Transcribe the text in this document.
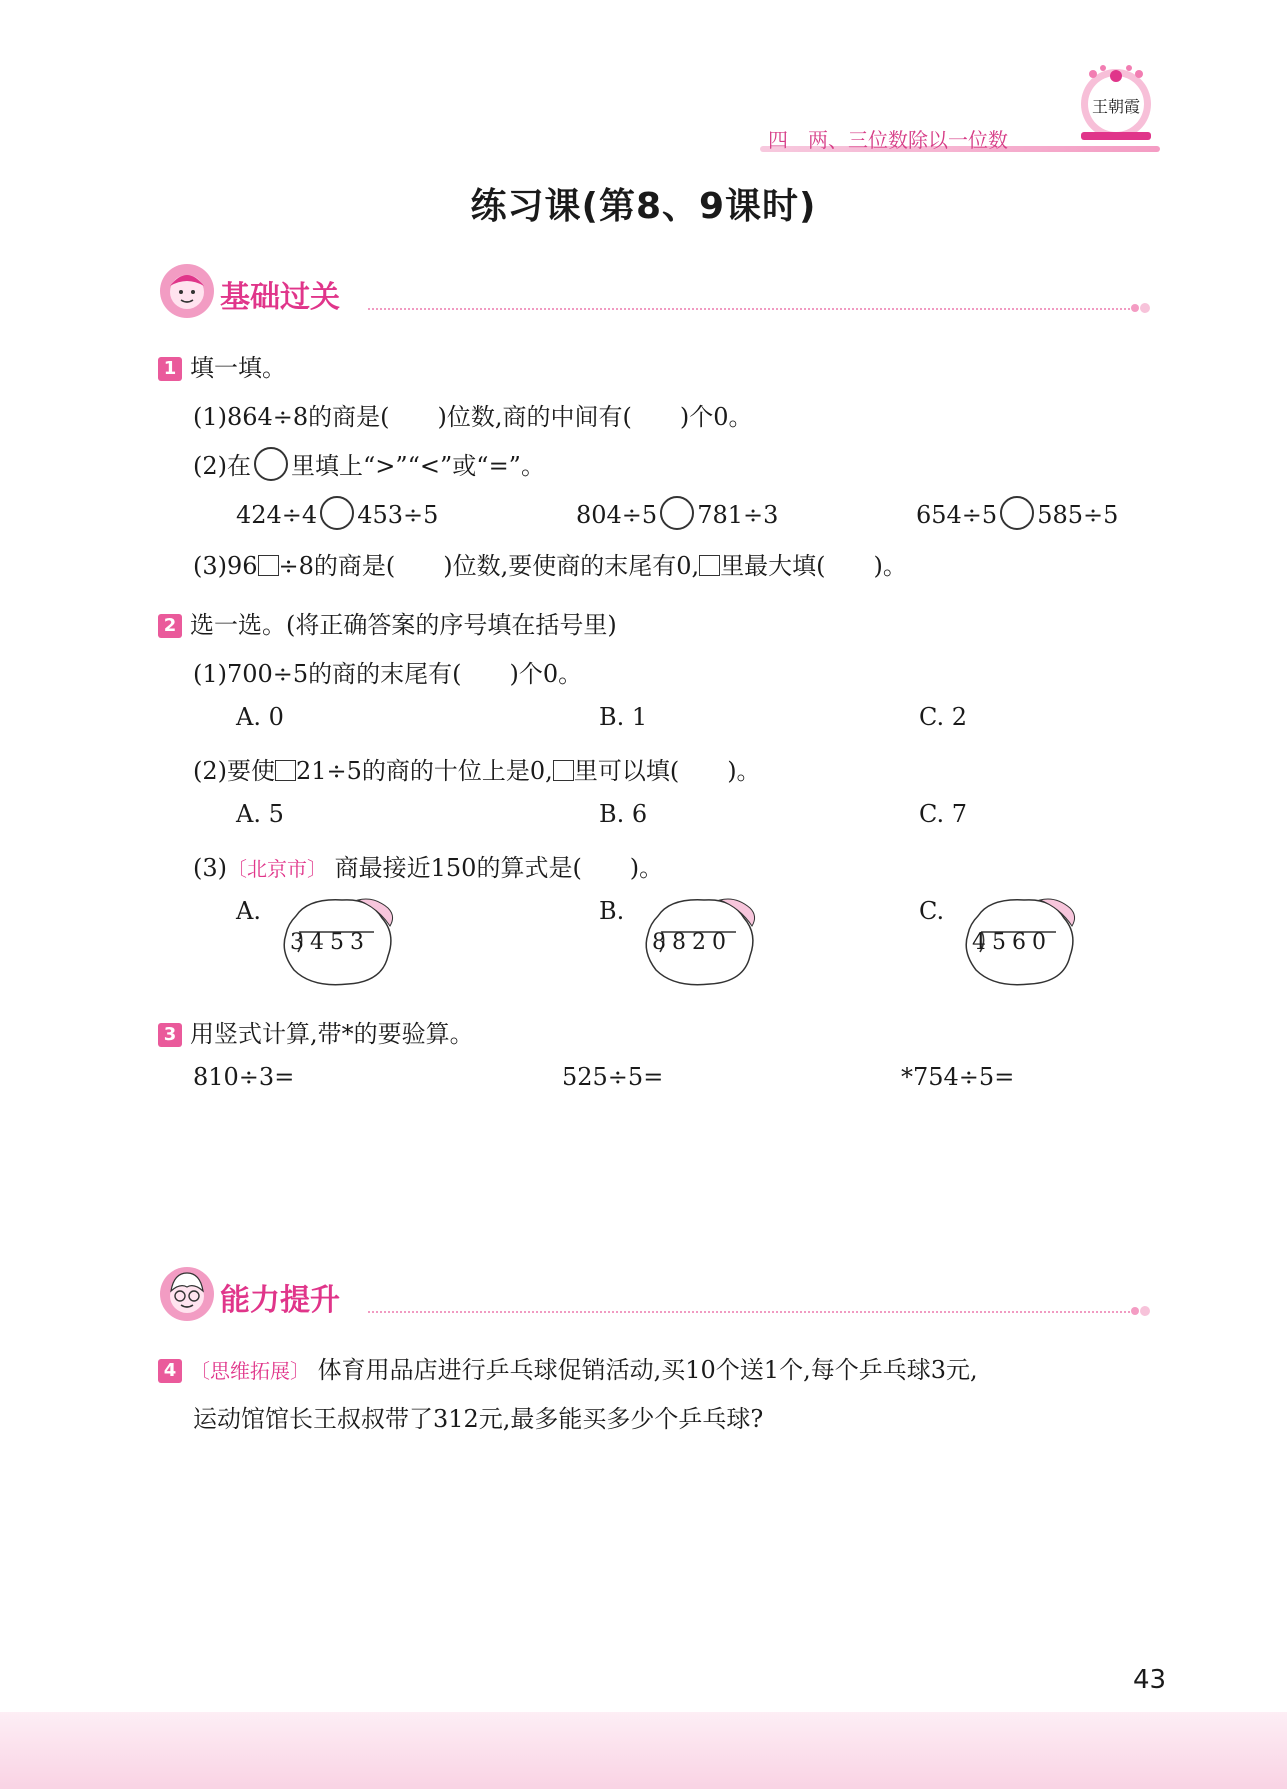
四　两、三位数除以一位数
王朝霞
练习课(第8、9课时)
基础过关
1 填一填。
(1)864÷8的商是(　　)位数,商的中间有(　　)个0。
(2)在 里填上“>”“<”或“=”。
424÷4 453÷5	804÷5 781÷3	654÷5 585÷5
(3)96 ÷8的商是(　　)位数,要使商的末尾有0, 里最大填(　　)。
2 选一选。(将正确答案的序号填在括号里)
(1)700÷5的商的末尾有(　　)个0。
A. 0	B. 1	C. 2
(2)要使 21÷5的商的十位上是0, 里可以填(　　)。
A. 5	B. 6	C. 7
(3)〔北京市〕 商最接近150的算式是(　　)。
A.
3 453
B.
8 820
C.
4 560
3 用竖式计算,带*的要验算。
810÷3=	525÷5=	*754÷5=
能力提升
4 〔思维拓展〕 体育用品店进行乒乓球促销活动,买10个送1个,每个乒乓球3元,
运动馆馆长王叔叔带了312元,最多能买多少个乒乓球?
43
